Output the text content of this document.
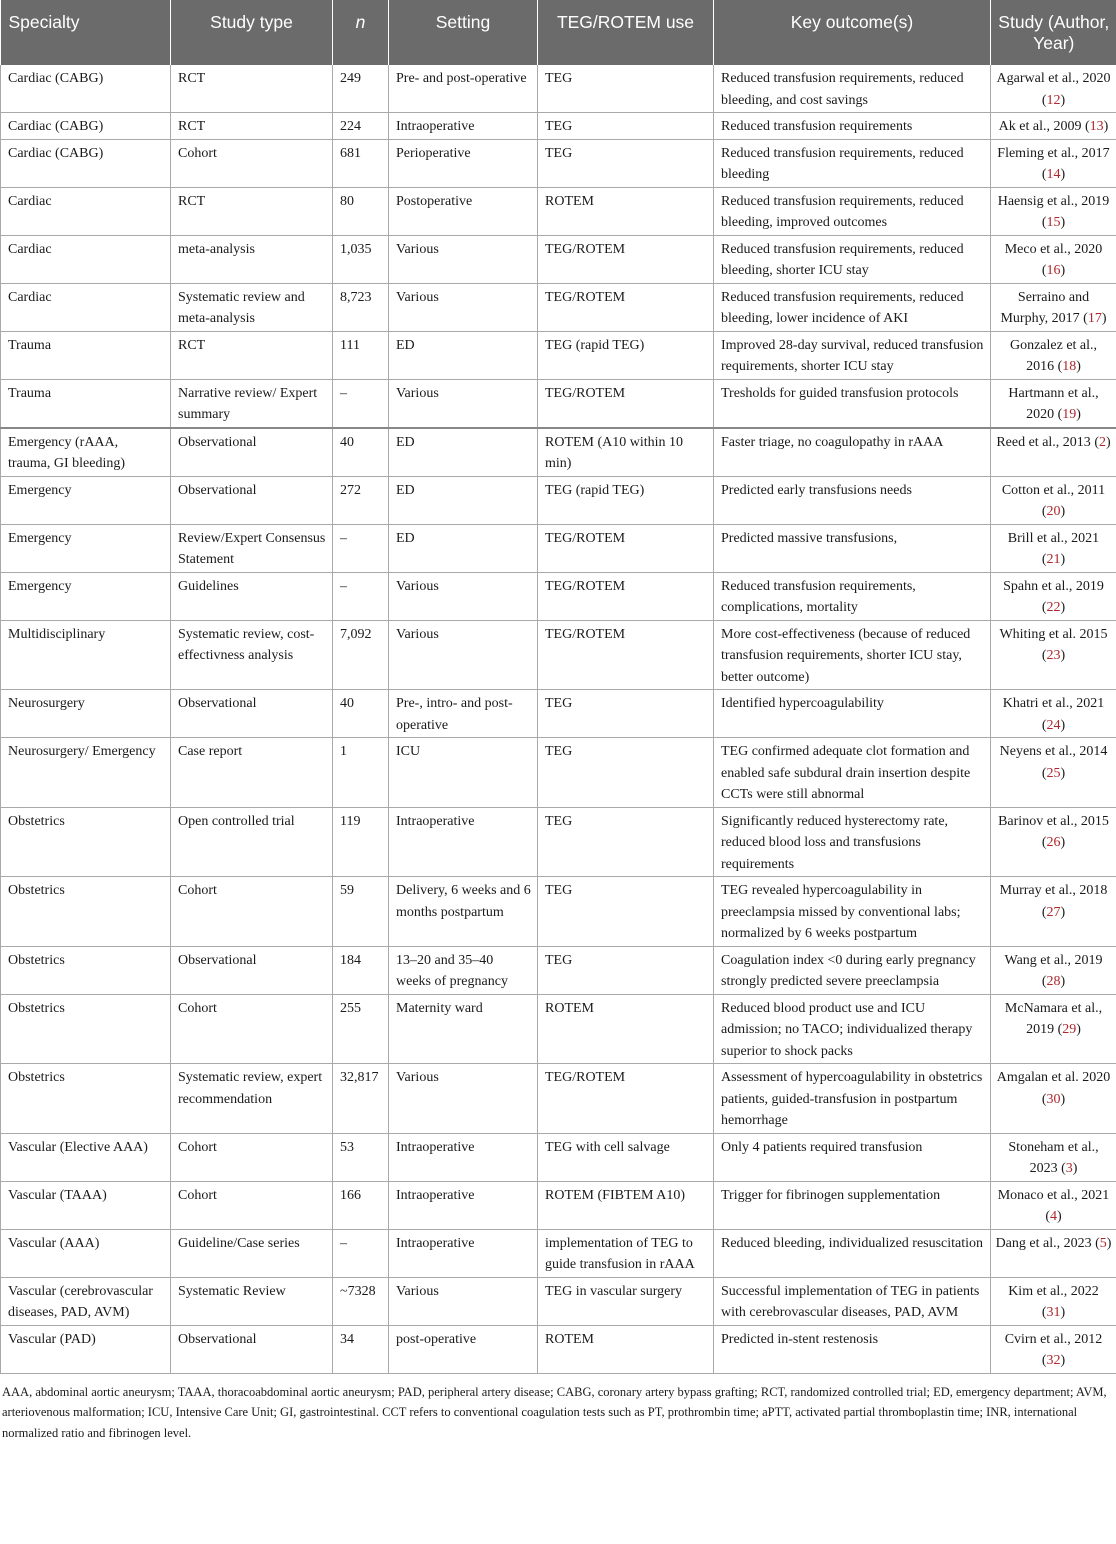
Specialty	Study type	n	Setting	TEG/ROTEM use	Key outcome(s)	Study (Author, Year)
Cardiac (CABG)	RCT	249	Pre- and post-operative	TEG	Reduced transfusion requirements, reduced bleeding, and cost savings	Agarwal et al., 2020 (12)
Cardiac (CABG)	RCT	224	Intraoperative	TEG	Reduced transfusion requirements	Ak et al., 2009 (13)
Cardiac (CABG)	Cohort	681	Perioperative	TEG	Reduced transfusion requirements, reduced bleeding	Fleming et al., 2017 (14)
Cardiac	RCT	80	Postoperative	ROTEM	Reduced transfusion requirements, reduced bleeding, improved outcomes	Haensig et al., 2019 (15)
Cardiac	meta-analysis	1,035	Various	TEG/ROTEM	Reduced transfusion requirements, reduced bleeding, shorter ICU stay	Meco et al., 2020 (16)
Cardiac	Systematic review and meta-analysis	8,723	Various	TEG/ROTEM	Reduced transfusion requirements, reduced bleeding, lower incidence of AKI	Serraino and Murphy, 2017 (17)
Trauma	RCT	111	ED	TEG (rapid TEG)	Improved 28-day survival, reduced transfusion requirements, shorter ICU stay	Gonzalez et al., 2016 (18)
Trauma	Narrative review/ Expert summary	–	Various	TEG/ROTEM	Tresholds for guided transfusion protocols	Hartmann et al., 2020 (19)
Emergency (rAAA, trauma, GI bleeding)	Observational	40	ED	ROTEM (A10 within 10 min)	Faster triage, no coagulopathy in rAAA	Reed et al., 2013 (2)
Emergency	Observational	272	ED	TEG (rapid TEG)	Predicted early transfusions needs	Cotton et al., 2011 (20)
Emergency	Review/Expert Consensus Statement	–	ED	TEG/ROTEM	Predicted massive transfusions,	Brill et al., 2021 (21)
Emergency	Guidelines	–	Various	TEG/ROTEM	Reduced transfusion requirements, complications, mortality	Spahn et al., 2019 (22)
Multidisciplinary	Systematic review, cost-effectivness analysis	7,092	Various	TEG/ROTEM	More cost-effectiveness (because of reduced transfusion requirements, shorter ICU stay, better outcome)	Whiting et al. 2015 (23)
Neurosurgery	Observational	40	Pre-, intro- and post-operative	TEG	Identified hypercoagulability	Khatri et al., 2021 (24)
Neurosurgery/ Emergency	Case report	1	ICU	TEG	TEG confirmed adequate clot formation and enabled safe subdural drain insertion despite CCTs were still abnormal	Neyens et al., 2014 (25)
Obstetrics	Open controlled trial	119	Intraoperative	TEG	Significantly reduced hysterectomy rate, reduced blood loss and transfusions requirements	Barinov et al., 2015 (26)
Obstetrics	Cohort	59	Delivery, 6 weeks and 6 months postpartum	TEG	TEG revealed hypercoagulability in preeclampsia missed by conventional labs; normalized by 6 weeks postpartum	Murray et al., 2018 (27)
Obstetrics	Observational	184	13–20 and 35–40 weeks of pregnancy	TEG	Coagulation index <0 during early pregnancy strongly predicted severe preeclampsia	Wang et al., 2019 (28)
Obstetrics	Cohort	255	Maternity ward	ROTEM	Reduced blood product use and ICU admission; no TACO; individualized therapy superior to shock packs	McNamara et al., 2019 (29)
Obstetrics	Systematic review, expert recommendation	32,817	Various	TEG/ROTEM	Assessment of hypercoagulability in obstetrics patients, guided-transfusion in postpartum hemorrhage	Amgalan et al. 2020 (30)
Vascular (Elective AAA)	Cohort	53	Intraoperative	TEG with cell salvage	Only 4 patients required transfusion	Stoneham et al., 2023 (3)
Vascular (TAAA)	Cohort	166	Intraoperative	ROTEM (FIBTEM A10)	Trigger for fibrinogen supplementation	Monaco et al., 2021 (4)
Vascular (AAA)	Guideline/Case series	–	Intraoperative	implementation of TEG to guide transfusion in rAAA	Reduced bleeding, individualized resuscitation	Dang et al., 2023 (5)
Vascular (cerebrovascular diseases, PAD, AVM)	Systematic Review	~7328	Various	TEG in vascular surgery	Successful implementation of TEG in patients with cerebrovascular diseases, PAD, AVM	Kim et al., 2022 (31)
Vascular (PAD)	Observational	34	post-operative	ROTEM	Predicted in-stent restenosis	Cvirn et al., 2012 (32)
AAA, abdominal aortic aneurysm; TAAA, thoracoabdominal aortic aneurysm; PAD, peripheral artery disease; CABG, coronary artery bypass grafting; RCT, randomized controlled trial; ED, emergency department; AVM, arteriovenous malformation; ICU, Intensive Care Unit; GI, gastrointestinal. CCT refers to conventional coagulation tests such as PT, prothrombin time; aPTT, activated partial thromboplastin time; INR, international normalized ratio and fibrinogen level.
